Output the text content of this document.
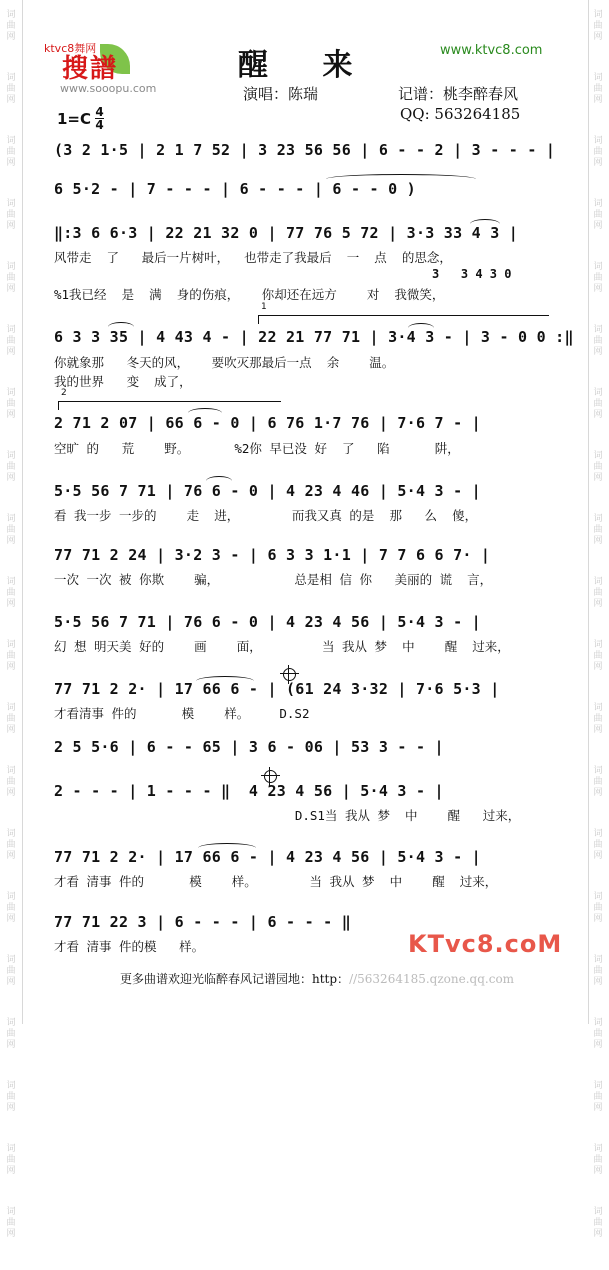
词
曲
网
词
曲
网
词
曲
网
词
曲
网
词
曲
网
词
曲
网
词
曲
网
词
曲
网
词
曲
网
词
曲
网
词
曲
网
词
曲
网
词
曲
网
词
曲
网
词
曲
网
词
曲
网
词
曲
网
词
曲
网
词
曲
网
词
曲
网
词
曲
网
词
曲
网
词
曲
网
词
曲
网
词
曲
网
词
曲
网
词
曲
网
词
曲
网
词
曲
网
词
曲
网
词
曲
网
词
曲
网
词
曲
网
词
曲
网
词
曲
网
词
曲
网
词
曲
网
词
曲
网
词
曲
网
词
曲
网
ktvc8舞网
搜譜
www.sooopu.com
醒 来	www.ktvc8.com
演唱：陈瑞	记谱：桃李醉春风
QQ: 563264185
1=C 4
4

(3 2 1·5 | 2 1 7 52 | 3 23 56 56 | 6 - - 2 | 3 - - - |

6 5·2 - | 7 - - - | 6 - - - | 6 - - 0 )

‖:3 6 6·3 | 22 21 32 0 | 77 76 5 72 | 3·3 33 4 3 |

风带走  了   最后一片树叶，  也带走了我最后  一  点  的思念，

3   3 4 3 0

%1我已经  是  满  身的伤痕，   你却还在远方    对  我微笑，

1

6 3 3 35 | 4 43 4 - | 22 21 77 71 | 3·4 3 - | 3 - 0 0 :‖

你就象那   冬天的风，   要吹灭那最后一点  余    温。

我的世界   变  成了，

2

2 71 2 07 | 66 6 - 0 | 6 76 1·7 76 | 7·6 7 - |

空旷 的   荒    野。      %2你 早已没 好  了   陷      阱，

5·5 56 7 71 | 76 6 - 0 | 4 23 4 46 | 5·4 3 - |

看 我一步 一步的    走  进，       而我又真 的是  那   么  傻，

77 71 2 24 | 3·2 3 - | 6 3 3 1·1 | 7 7 6 6 7· |

一次 一次 被 你欺    骗，          总是相 信 你   美丽的 谎  言，

5·5 56 7 71 | 76 6 - 0 | 4 23 4 56 | 5·4 3 - |

幻 想 明天美 好的    画    面，        当 我从 梦  中    醒  过来，

77 71 2 2· | 17 66 6 - | (61 24 3·32 | 7·6 5·3 |

才看清事 件的      模    样。    D.S2

2 5 5·6 | 6 - - 65 | 3 6 - 06 | 53 3 - - |

2 - - - | 1 - - - ‖  4 23 4 56 | 5·4 3 - |

D.S1当 我从 梦  中    醒   过来，

77 71 2 2· | 17 66 6 - | 4 23 4 56 | 5·4 3 - |

才看 清事 件的      模    样。       当 我从 梦  中    醒  过来，

77 71 22 3 | 6 - - - | 6 - - - ‖

才看 清事 件的模   样。	KTvc8.coM
更多曲谱欢迎光临醉春风记谱园地：http：//563264185.qzone.qq.com
